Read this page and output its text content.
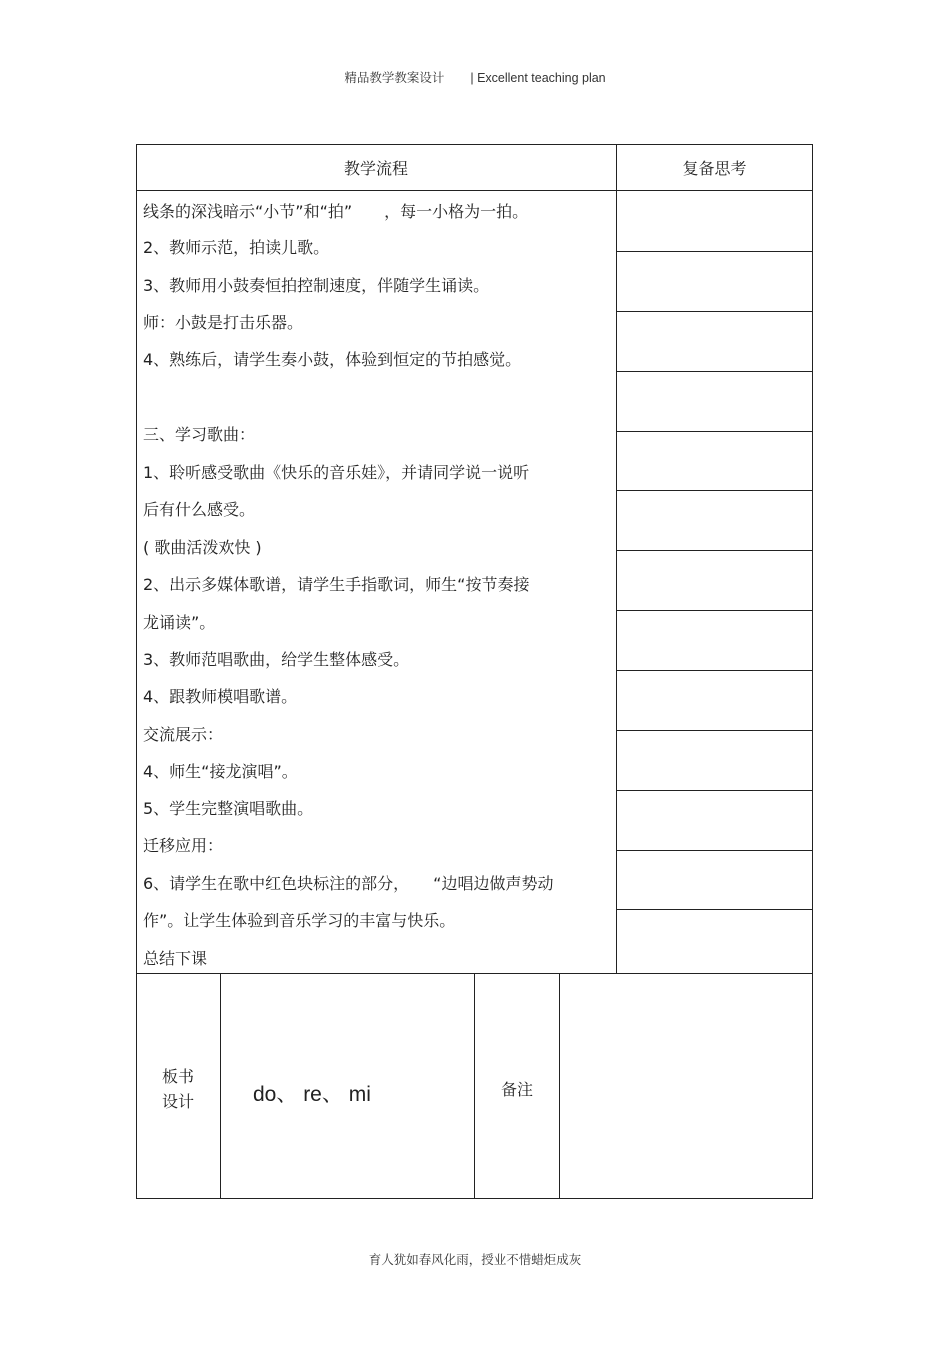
精品教学教案设计 | Excellent teaching plan
教学流程	复备思考
线条的深浅暗示“小节”和“拍”　　，每一小格为一拍。
2、教师示范，拍读儿歌。
3、教师用小鼓奏恒拍控制速度，伴随学生诵读。
师：小鼓是打击乐器。
4、熟练后，请学生奏小鼓，体验到恒定的节拍感觉。
三、学习歌曲：
1、聆听感受歌曲《快乐的音乐娃》，并请同学说一说听
后有什么感受。
( 歌曲活泼欢快 )
2、出示多媒体歌谱，请学生手指歌词，师生“按节奏接
龙诵读”。
3、教师范唱歌曲，给学生整体感受。
4、跟教师模唱歌谱。
交流展示：
4、师生“接龙演唱”。
5、学生完整演唱歌曲。
迁移应用：
6、请学生在歌中红色块标注的部分，　　“边唱边做声势动
作”。让学生体验到音乐学习的丰富与快乐。
总结下课
板书
设计	do、 re、 mi	备注
育人犹如春风化雨，授业不惜蜡炬成灰
